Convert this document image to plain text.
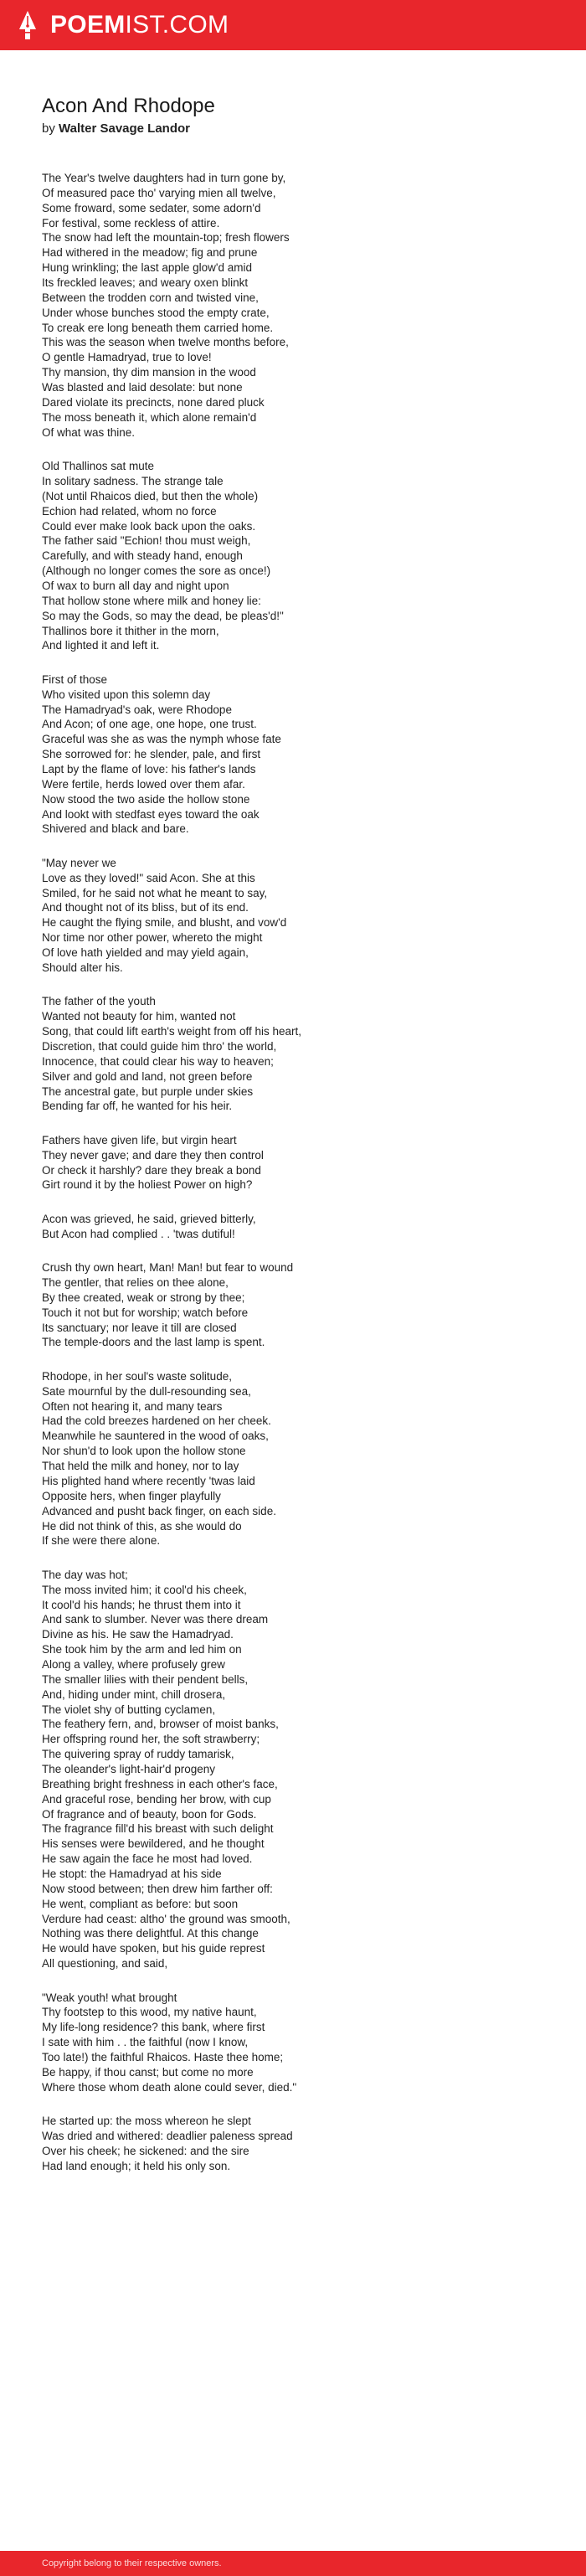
POEMIST.COM
Acon And Rhodope
by Walter Savage Landor
The Year's twelve daughters had in turn gone by,
Of measured pace tho' varying mien all twelve,
Some froward, some sedater, some adorn'd
For festival, some reckless of attire.
The snow had left the mountain-top; fresh flowers
Had withered in the meadow; fig and prune
Hung wrinkling; the last apple glow'd amid
Its freckled leaves; and weary oxen blinkt
Between the trodden corn and twisted vine,
Under whose bunches stood the empty crate,
To creak ere long beneath them carried home.
This was the season when twelve months before,
O gentle Hamadryad, true to love!
Thy mansion, thy dim mansion in the wood
Was blasted and laid desolate: but none
Dared violate its precincts, none dared pluck
The moss beneath it, which alone remain'd
Of what was thine.
Old Thallinos sat mute
In solitary sadness. The strange tale
(Not until Rhaicos died, but then the whole)
Echion had related, whom no force
Could ever make look back upon the oaks.
The father said "Echion! thou must weigh,
Carefully, and with steady hand, enough
(Although no longer comes the sore as once!)
Of wax to burn all day and night upon
That hollow stone where milk and honey lie:
So may the Gods, so may the dead, be pleas'd!"
Thallinos bore it thither in the morn,
And lighted it and left it.
First of those
Who visited upon this solemn day
The Hamadryad's oak, were Rhodope
And Acon; of one age, one hope, one trust.
Graceful was she as was the nymph whose fate
She sorrowed for: he slender, pale, and first
Lapt by the flame of love: his father's lands
Were fertile, herds lowed over them afar.
Now stood the two aside the hollow stone
And lookt with stedfast eyes toward the oak
Shivered and black and bare.
"May never we
Love as they loved!" said Acon. She at this
Smiled, for he said not what he meant to say,
And thought not of its bliss, but of its end.
He caught the flying smile, and blusht, and vow'd
Nor time nor other power, whereto the might
Of love hath yielded and may yield again,
Should alter his.
The father of the youth
Wanted not beauty for him, wanted not
Song, that could lift earth's weight from off his heart,
Discretion, that could guide him thro' the world,
Innocence, that could clear his way to heaven;
Silver and gold and land, not green before
The ancestral gate, but purple under skies
Bending far off, he wanted for his heir.
Fathers have given life, but virgin heart
They never gave; and dare they then control
Or check it harshly? dare they break a bond
Girt round it by the holiest Power on high?
Acon was grieved, he said, grieved bitterly,
But Acon had complied . . 'twas dutiful!
Crush thy own heart, Man! Man! but fear to wound
The gentler, that relies on thee alone,
By thee created, weak or strong by thee;
Touch it not but for worship; watch before
Its sanctuary; nor leave it till are closed
The temple-doors and the last lamp is spent.
Rhodope, in her soul's waste solitude,
Sate mournful by the dull-resounding sea,
Often not hearing it, and many tears
Had the cold breezes hardened on her cheek.
Meanwhile he sauntered in the wood of oaks,
Nor shun'd to look upon the hollow stone
That held the milk and honey, nor to lay
His plighted hand where recently 'twas laid
Opposite hers, when finger playfully
Advanced and pusht back finger, on each side.
He did not think of this, as she would do
If she were there alone.
The day was hot;
The moss invited him; it cool'd his cheek,
It cool'd his hands; he thrust them into it
And sank to slumber. Never was there dream
Divine as his. He saw the Hamadryad.
She took him by the arm and led him on
Along a valley, where profusely grew
The smaller lilies with their pendent bells,
And, hiding under mint, chill drosera,
The violet shy of butting cyclamen,
The feathery fern, and, browser of moist banks,
Her offspring round her, the soft strawberry;
The quivering spray of ruddy tamarisk,
The oleander's light-hair'd progeny
Breathing bright freshness in each other's face,
And graceful rose, bending her brow, with cup
Of fragrance and of beauty, boon for Gods.
The fragrance fill'd his breast with such delight
His senses were bewildered, and he thought
He saw again the face he most had loved.
He stopt: the Hamadryad at his side
Now stood between; then drew him farther off:
He went, compliant as before: but soon
Verdure had ceast: altho' the ground was smooth,
Nothing was there delightful. At this change
He would have spoken, but his guide represt
All questioning, and said,
"Weak youth! what brought
Thy footstep to this wood, my native haunt,
My life-long residence? this bank, where first
I sate with him . . the faithful (now I know,
Too late!) the faithful Rhaicos. Haste thee home;
Be happy, if thou canst; but come no more
Where those whom death alone could sever, died."
He started up: the moss whereon he slept
Was dried and withered: deadlier paleness spread
Over his cheek; he sickened: and the sire
Had land enough; it held his only son.
Copyright belong to their respective owners.
